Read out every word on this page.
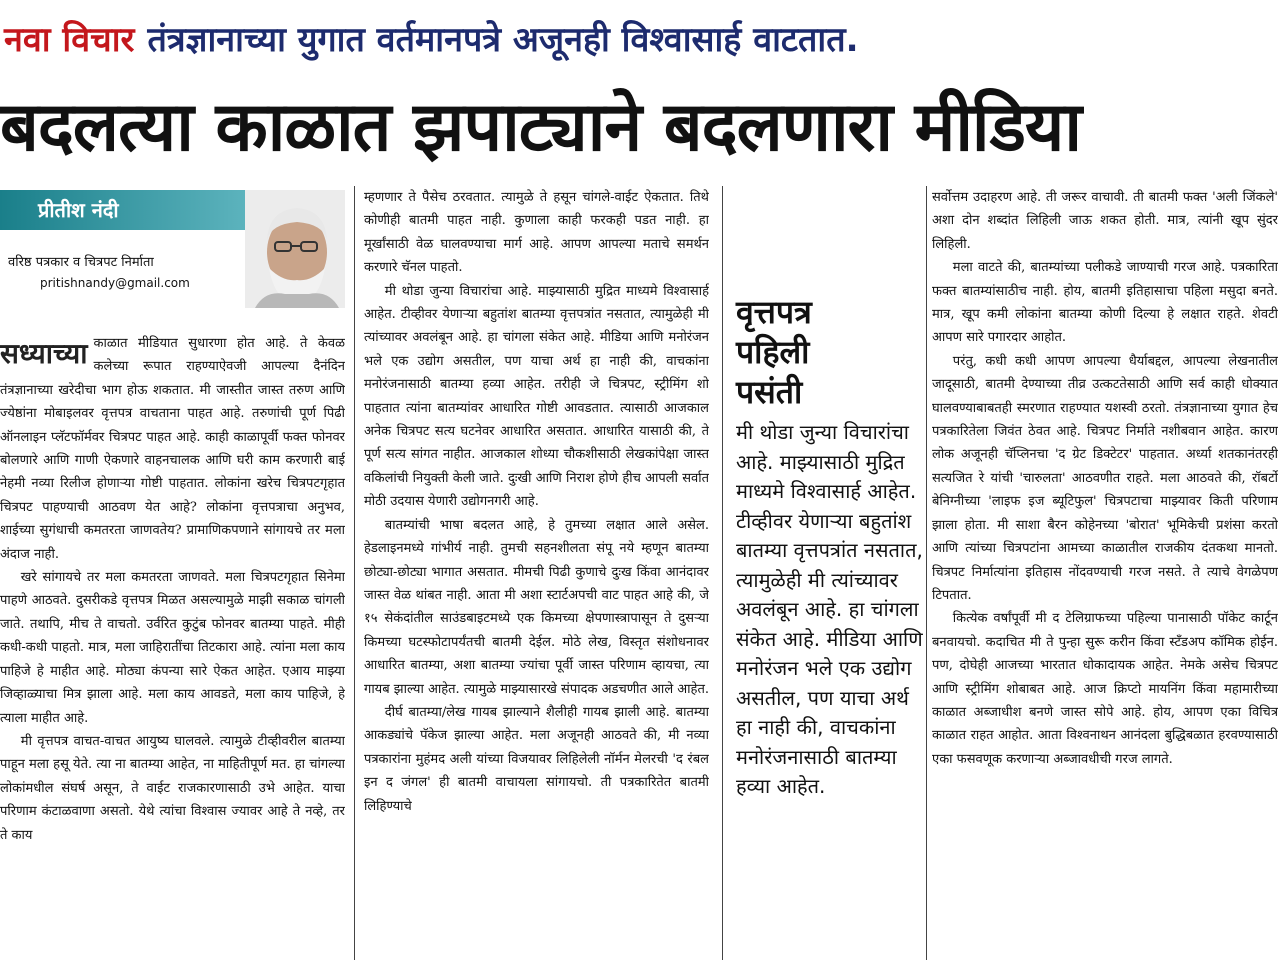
नवा विचार तंत्रज्ञानाच्या युगात वर्तमानपत्रे अजूनही विश्वासार्ह वाटतात.
बदलत्या काळात झपाट्याने बदलणारा मीडिया
प्रीतीश नंदी
वरिष्ठ पत्रकार व चित्रपट निर्माता
pritishnandy@gmail.com

सध्याच्या काळात मीडियात सुधारणा होत आहे. ते केवळ कलेच्या रूपात राहण्याऐवजी आपल्या दैनंदिन तंत्रज्ञानाच्या खरेदीचा भाग होऊ शकतात. मी जास्तीत जास्त तरुण आणि ज्येष्ठांना मोबाइलवर वृत्तपत्र वाचताना पाहत आहे. तरुणांची पूर्ण पिढी ऑनलाइन प्लॅटफॉर्मवर चित्रपट पाहत आहे. काही काळापूर्वी फक्त फोनवर बोलणारे आणि गाणी ऐकणारे वाहनचालक आणि घरी काम करणारी बाई नेहमी नव्या रिलीज होणाऱ्या गोष्टी पाहतात. लोकांना खरेच चित्रपटगृहात चित्रपट पाहण्याची आठवण येत आहे? लोकांना वृत्तपत्राचा अनुभव, शाईच्या सुगंधाची कमतरता जाणवतेय? प्रामाणिकपणाने सांगायचे तर मला अंदाज नाही.

खरे सांगायचे तर मला कमतरता जाणवते. मला चित्रपटगृहात सिनेमा पाहणे आठवते. दुसरीकडे वृत्तपत्र मिळत असल्यामुळे माझी सकाळ चांगली जाते. तथापि, मीच ते वाचतो. उर्वरित कुटुंब फोनवर बातम्या पाहते. मीही कधी-कधी पाहतो. मात्र, मला जाहिरातींचा तिटकारा आहे. त्यांना मला काय पाहिजे हे माहीत आहे. मोठ्या कंपन्या सारे ऐकत आहेत. एआय माझ्या जिव्हाळ्याचा मित्र झाला आहे. मला काय आवडते, मला काय पाहिजे, हे त्याला माहीत आहे.

मी वृत्तपत्र वाचत-वाचत आयुष्य घालवले. त्यामुळे टीव्हीवरील बातम्या पाहून मला हसू येते. त्या ना बातम्या आहेत, ना माहितीपूर्ण मत. हा चांगल्या लोकांमधील संघर्ष असून, ते वाईट राजकारणासाठी उभे आहेत. याचा परिणाम कंटाळवाणा असतो. येथे त्यांचा विश्वास ज्यावर आहे ते नव्हे, तर ते काय

म्हणणार ते पैसेच ठरवतात. त्यामुळे ते हसून चांगले-वाईट ऐकतात. तिथे कोणीही बातमी पाहत नाही. कुणाला काही फरकही पडत नाही. हा मूर्खांसाठी वेळ घालवण्याचा मार्ग आहे. आपण आपल्या मताचे समर्थन करणारे चॅनल पाहतो.

मी थोडा जुन्या विचारांचा आहे. माझ्यासाठी मुद्रित माध्यमे विश्वासार्ह आहेत. टीव्हीवर येणाऱ्या बहुतांश बातम्या वृत्तपत्रांत नसतात, त्यामुळेही मी त्यांच्यावर अवलंबून आहे. हा चांगला संकेत आहे. मीडिया आणि मनोरंजन भले एक उद्योग असतील, पण याचा अर्थ हा नाही की, वाचकांना मनोरंजनासाठी बातम्या हव्या आहेत. तरीही जे चित्रपट, स्ट्रीमिंग शो पाहतात त्यांना बातम्यांवर आधारित गोष्टी आवडतात. त्यासाठी आजकाल अनेक चित्रपट सत्य घटनेवर आधारित असतात. आधारित यासाठी की, ते पूर्ण सत्य सांगत नाहीत. आजकाल शोध्या चौकशीसाठी लेखकांपेक्षा जास्त वकिलांची नियुक्ती केली जाते. दुःखी आणि निराश होणे हीच आपली सर्वात मोठी उदयास येणारी उद्योगनगरी आहे.

बातम्यांची भाषा बदलत आहे, हे तुमच्या लक्षात आले असेल. हेडलाइनमध्ये गांभीर्य नाही. तुमची सहनशीलता संपू नये म्हणून बातम्या छोट्या-छोट्या भागात असतात. मीमची पिढी कुणाचे दुःख किंवा आनंदावर जास्त वेळ थांबत नाही. आता मी अशा स्टार्टअपची वाट पाहत आहे की, जे १५ सेकंदांतील साउंडबाइटमध्ये एक किमच्या क्षेपणास्त्रापासून ते दुसऱ्या किमच्या घटस्फोटापर्यंतची बातमी देईल. मोठे लेख, विस्तृत संशोधनावर आधारित बातम्या, अशा बातम्या ज्यांचा पूर्वी जास्त परिणाम व्हायचा, त्या गायब झाल्या आहेत. त्यामुळे माझ्यासारखे संपादक अडचणीत आले आहेत.

दीर्घ बातम्या/लेख गायब झाल्याने शैलीही गायब झाली आहे. बातम्या आकड्यांचे पॅकेज झाल्या आहेत. मला अजूनही आठवते की, मी नव्या पत्रकारांना मुहंमद अली यांच्या विजयावर लिहिलेली नॉर्मन मेलरची 'द रंबल इन द जंगल' ही बातमी वाचायला सांगायचो. ती पत्रकारितेत बातमी लिहिण्याचे

वृत्तपत्र
पहिली
पसंती
मी थोडा जुन्या विचारांचा आहे. माझ्यासाठी मुद्रित माध्यमे विश्वासार्ह आहेत. टीव्हीवर येणाऱ्या बहुतांश बातम्या वृत्तपत्रांत नसतात, त्यामुळेही मी त्यांच्यावर अवलंबून आहे. हा चांगला संकेत आहे. मीडिया आणि मनोरंजन भले एक उद्योग असतील, पण याचा अर्थ हा नाही की, वाचकांना मनोरंजनासाठी बातम्या हव्या आहेत.

सर्वोत्तम उदाहरण आहे. ती जरूर वाचावी. ती बातमी फक्त 'अली जिंकले' अशा दोन शब्दांत लिहिली जाऊ शकत होती. मात्र, त्यांनी खूप सुंदर लिहिली.

मला वाटते की, बातम्यांच्या पलीकडे जाण्याची गरज आहे. पत्रकारिता फक्त बातम्यांसाठीच नाही. होय, बातमी इतिहासाचा पहिला मसुदा बनते. मात्र, खूप कमी लोकांना बातम्या कोणी दिल्या हे लक्षात राहते. शेवटी आपण सारे पगारदार आहोत.

परंतु, कधी कधी आपण आपल्या धैर्याबद्दल, आपल्या लेखनातील जादूसाठी, बातमी देण्याच्या तीव्र उत्कटतेसाठी आणि सर्व काही धोक्यात घालवण्याबाबतही स्मरणात राहण्यात यशस्वी ठरतो. तंत्रज्ञानाच्या युगात हेच पत्रकारितेला जिवंत ठेवत आहे. चित्रपट निर्माते नशीबवान आहेत. कारण लोक अजूनही चॅप्लिनचा 'द ग्रेट डिक्टेटर' पाहतात. अर्ध्या शतकानंतरही सत्यजित रे यांची 'चारुलता' आठवणीत राहते. मला आठवते की, रॉबर्टो बेनिग्नीच्या 'लाइफ इज ब्यूटिफुल' चित्रपटाचा माझ्यावर किती परिणाम झाला होता. मी साशा बैरन कोहेनच्या 'बोरात' भूमिकेची प्रशंसा करतो आणि त्यांच्या चित्रपटांना आमच्या काळातील राजकीय दंतकथा मानतो. चित्रपट निर्मात्यांना इतिहास नोंदवण्याची गरज नसते. ते त्याचे वेगळेपण टिपतात.

कित्येक वर्षांपूर्वी मी द टेलिग्राफच्या पहिल्या पानासाठी पॉकेट कार्टून बनवायचो. कदाचित मी ते पुन्हा सुरू करीन किंवा स्टँडअप कॉमिक होईन. पण, दोघेही आजच्या भारतात धोकादायक आहेत. नेमके असेच चित्रपट आणि स्ट्रीमिंग शोबाबत आहे. आज क्रिप्टो मायनिंग किंवा महामारीच्या काळात अब्जाधीश बनणे जास्त सोपे आहे. होय, आपण एका विचित्र काळात राहत आहोत. आता विश्वनाथन आनंदला बुद्धिबळात हरवण्यासाठी एका फसवणूक करणाऱ्या अब्जावधीची गरज लागते.
